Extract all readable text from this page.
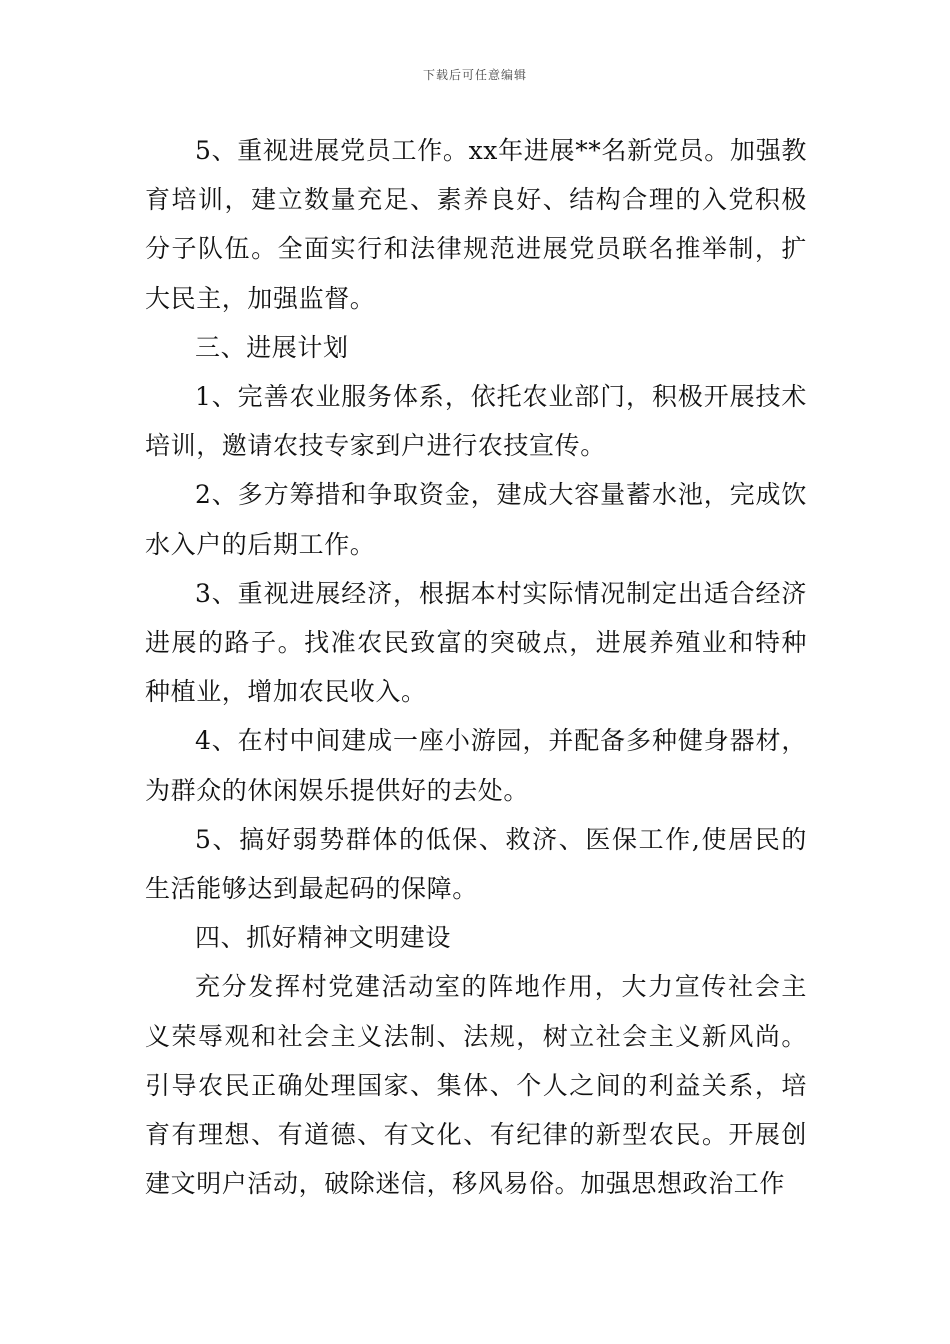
下载后可任意编辑

5、重视进展党员工作。xx年进展**名新党员。加强教育培训，建立数量充足、素养良好、结构合理的入党积极分子队伍。全面实行和法律规范进展党员联名推举制，扩大民主，加强监督。

三、进展计划

1、完善农业服务体系，依托农业部门，积极开展技术培训，邀请农技专家到户进行农技宣传。

2、多方筹措和争取资金，建成大容量蓄水池，完成饮水入户的后期工作。

3、重视进展经济，根据本村实际情况制定出适合经济进展的路子。找准农民致富的突破点，进展养殖业和特种种植业，增加农民收入。

4、在村中间建成一座小游园，并配备多种健身器材，为群众的休闲娱乐提供好的去处。

5、搞好弱势群体的低保、救济、医保工作,使居民的生活能够达到最起码的保障。

四、抓好精神文明建设

充分发挥村党建活动室的阵地作用，大力宣传社会主义荣辱观和社会主义法制、法规，树立社会主义新风尚。引导农民正确处理国家、集体、个人之间的利益关系，培育有理想、有道德、有文化、有纪律的新型农民。开展创建文明户活动，破除迷信，移风易俗。加强思想政治工作
